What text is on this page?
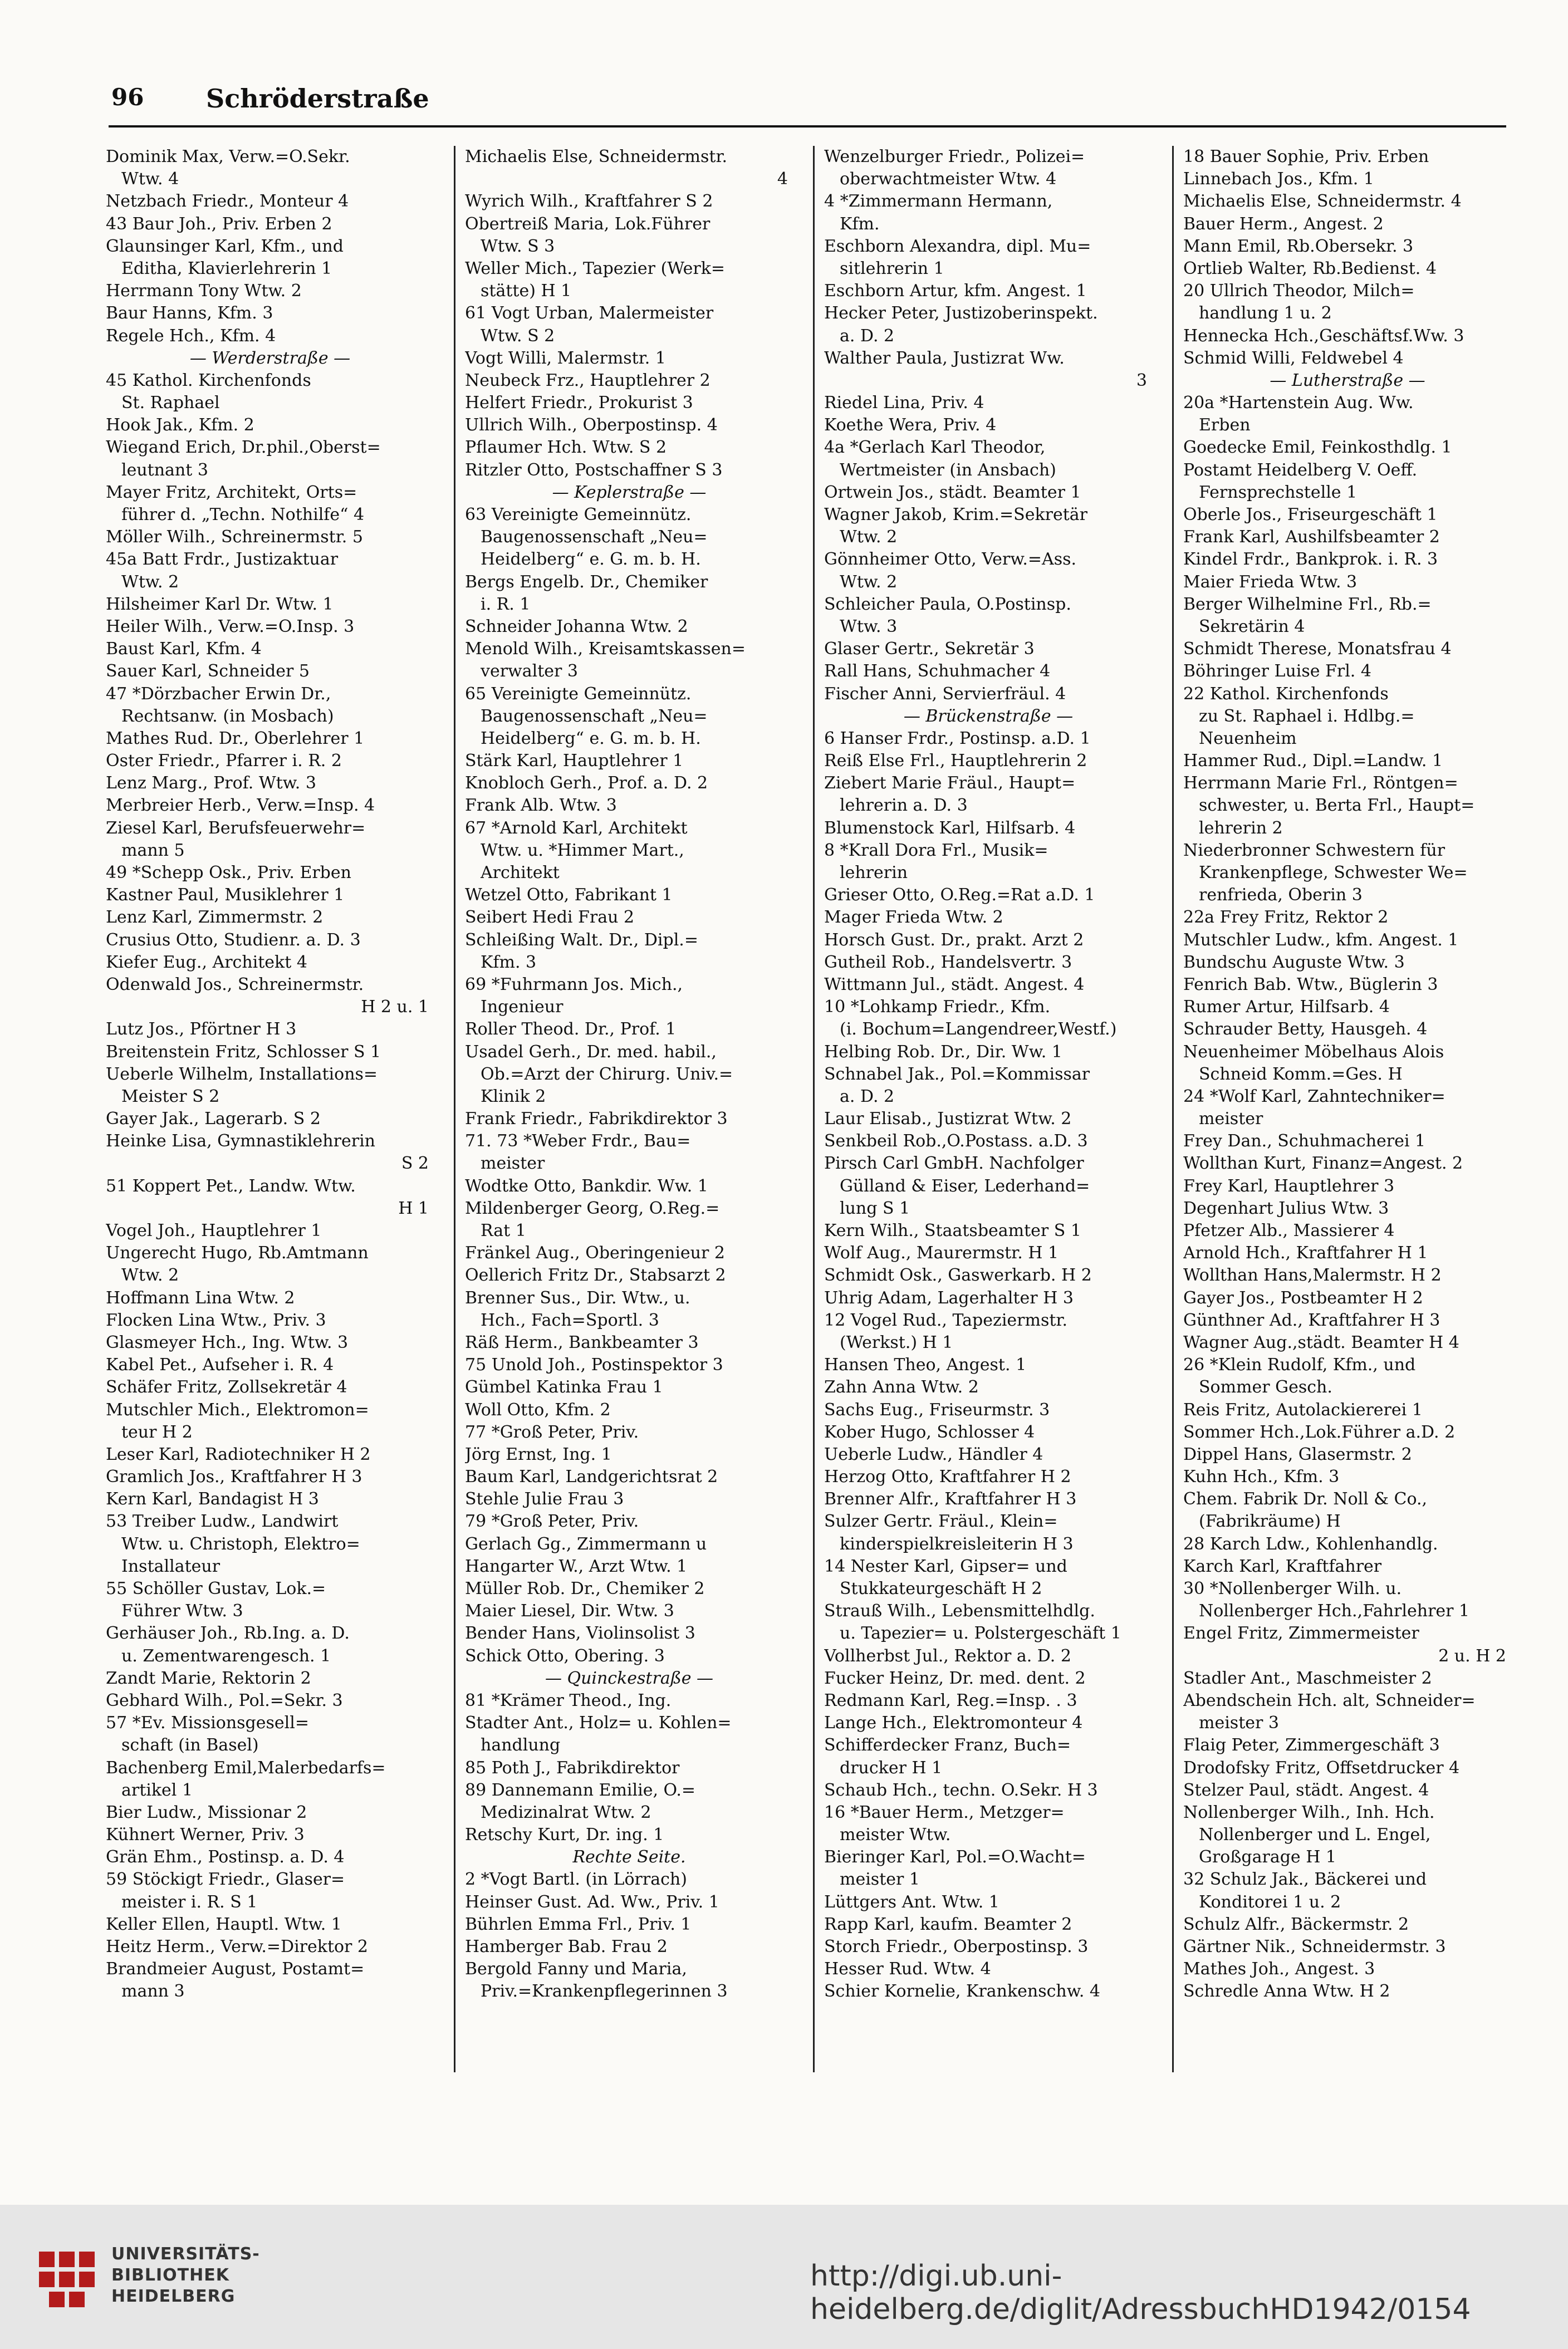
96 Schröderstraße
Dominik Max, Verw.=O.Sekr.
Wtw. 4
Netzbach Friedr., Monteur 4
43 Baur Joh., Priv. Erben 2
Glaunsinger Karl, Kfm., und
Editha, Klavierlehrerin 1
Herrmann Tony Wtw. 2
Baur Hanns, Kfm. 3
Regele Hch., Kfm. 4
— Werderstraße —
45 Kathol. Kirchenfonds
St. Raphael
Hook Jak., Kfm. 2
Wiegand Erich, Dr.phil.,Oberst=
leutnant 3
Mayer Fritz, Architekt, Orts=
führer d. „Techn. Nothilfe“ 4
Möller Wilh., Schreinermstr. 5
45a Batt Frdr., Justizaktuar
Wtw. 2
Hilsheimer Karl Dr. Wtw. 1
Heiler Wilh., Verw.=O.Insp. 3
Baust Karl, Kfm. 4
Sauer Karl, Schneider 5
47 *Dörzbacher Erwin Dr.,
Rechtsanw. (in Mosbach)
Mathes Rud. Dr., Oberlehrer 1
Oster Friedr., Pfarrer i. R. 2
Lenz Marg., Prof. Wtw. 3
Merbreier Herb., Verw.=Insp. 4
Ziesel Karl, Berufsfeuerwehr=
mann 5
49 *Schepp Osk., Priv. Erben
Kastner Paul, Musiklehrer 1
Lenz Karl, Zimmermstr. 2
Crusius Otto, Studienr. a. D. 3
Kiefer Eug., Architekt 4
Odenwald Jos., Schreinermstr.
H 2 u. 1
Lutz Jos., Pförtner H 3
Breitenstein Fritz, Schlosser S 1
Ueberle Wilhelm, Installations=
Meister S 2
Gayer Jak., Lagerarb. S 2
Heinke Lisa, Gymnastiklehrerin
S 2
51 Koppert Pet., Landw. Wtw.
H 1
Vogel Joh., Hauptlehrer 1
Ungerecht Hugo, Rb.Amtmann
Wtw. 2
Hoffmann Lina Wtw. 2
Flocken Lina Wtw., Priv. 3
Glasmeyer Hch., Ing. Wtw. 3
Kabel Pet., Aufseher i. R. 4
Schäfer Fritz, Zollsekretär 4
Mutschler Mich., Elektromon=
teur H 2
Leser Karl, Radiotechniker H 2
Gramlich Jos., Kraftfahrer H 3
Kern Karl, Bandagist H 3
53 Treiber Ludw., Landwirt
Wtw. u. Christoph, Elektro=
Installateur
55 Schöller Gustav, Lok.=
Führer Wtw. 3
Gerhäuser Joh., Rb.Ing. a. D.
u. Zementwarengesch. 1
Zandt Marie, Rektorin 2
Gebhard Wilh., Pol.=Sekr. 3
57 *Ev. Missionsgesell=
schaft (in Basel)
Bachenberg Emil,Malerbedarfs=
artikel 1
Bier Ludw., Missionar 2
Kühnert Werner, Priv. 3
Grän Ehm., Postinsp. a. D. 4
59 Stöckigt Friedr., Glaser=
meister i. R. S 1
Keller Ellen, Hauptl. Wtw. 1
Heitz Herm., Verw.=Direktor 2
Brandmeier August, Postamt=
mann 3
Michaelis Else, Schneidermstr.
4
Wyrich Wilh., Kraftfahrer S 2
Obertreiß Maria, Lok.Führer
Wtw. S 3
Weller Mich., Tapezier (Werk=
stätte) H 1
61 Vogt Urban, Malermeister
Wtw. S 2
Vogt Willi, Malermstr. 1
Neubeck Frz., Hauptlehrer 2
Helfert Friedr., Prokurist 3
Ullrich Wilh., Oberpostinsp. 4
Pflaumer Hch. Wtw. S 2
Ritzler Otto, Postschaffner S 3
— Keplerstraße —
63 Vereinigte Gemeinnütz.
Baugenossenschaft „Neu=
Heidelberg“ e. G. m. b. H.
Bergs Engelb. Dr., Chemiker
i. R. 1
Schneider Johanna Wtw. 2
Menold Wilh., Kreisamtskassen=
verwalter 3
65 Vereinigte Gemeinnütz.
Baugenossenschaft „Neu=
Heidelberg“ e. G. m. b. H.
Stärk Karl, Hauptlehrer 1
Knobloch Gerh., Prof. a. D. 2
Frank Alb. Wtw. 3
67 *Arnold Karl, Architekt
Wtw. u. *Himmer Mart.,
Architekt
Wetzel Otto, Fabrikant 1
Seibert Hedi Frau 2
Schleißing Walt. Dr., Dipl.=
Kfm. 3
69 *Fuhrmann Jos. Mich.,
Ingenieur
Roller Theod. Dr., Prof. 1
Usadel Gerh., Dr. med. habil.,
Ob.=Arzt der Chirurg. Univ.=
Klinik 2
Frank Friedr., Fabrikdirektor 3
71. 73 *Weber Frdr., Bau=
meister
Wodtke Otto, Bankdir. Ww. 1
Mildenberger Georg, O.Reg.=
Rat 1
Fränkel Aug., Oberingenieur 2
Oellerich Fritz Dr., Stabsarzt 2
Brenner Sus., Dir. Wtw., u.
Hch., Fach=Sportl. 3
Räß Herm., Bankbeamter 3
75 Unold Joh., Postinspektor 3
Gümbel Katinka Frau 1
Woll Otto, Kfm. 2
77 *Groß Peter, Priv.
Jörg Ernst, Ing. 1
Baum Karl, Landgerichtsrat 2
Stehle Julie Frau 3
79 *Groß Peter, Priv.
Gerlach Gg., Zimmermann u
Hangarter W., Arzt Wtw. 1
Müller Rob. Dr., Chemiker 2
Maier Liesel, Dir. Wtw. 3
Bender Hans, Violinsolist 3
Schick Otto, Obering. 3
— Quinckestraße —
81 *Krämer Theod., Ing.
Stadter Ant., Holz= u. Kohlen=
handlung
85 Poth J., Fabrikdirektor
89 Dannemann Emilie, O.=
Medizinalrat Wtw. 2
Retschy Kurt, Dr. ing. 1
Rechte Seite.
2 *Vogt Bartl. (in Lörrach)
Heinser Gust. Ad. Ww., Priv. 1
Bührlen Emma Frl., Priv. 1
Hamberger Bab. Frau 2
Bergold Fanny und Maria,
Priv.=Krankenpflegerinnen 3
Wenzelburger Friedr., Polizei=
oberwachtmeister Wtw. 4
4 *Zimmermann Hermann,
Kfm.
Eschborn Alexandra, dipl. Mu=
sitlehrerin 1
Eschborn Artur, kfm. Angest. 1
Hecker Peter, Justizoberinspekt.
a. D. 2
Walther Paula, Justizrat Ww.
3
Riedel Lina, Priv. 4
Koethe Wera, Priv. 4
4a *Gerlach Karl Theodor,
Wertmeister (in Ansbach)
Ortwein Jos., städt. Beamter 1
Wagner Jakob, Krim.=Sekretär
Wtw. 2
Gönnheimer Otto, Verw.=Ass.
Wtw. 2
Schleicher Paula, O.Postinsp.
Wtw. 3
Glaser Gertr., Sekretär 3
Rall Hans, Schuhmacher 4
Fischer Anni, Servierfräul. 4
— Brückenstraße —
6 Hanser Frdr., Postinsp. a.D. 1
Reiß Else Frl., Hauptlehrerin 2
Ziebert Marie Fräul., Haupt=
lehrerin a. D. 3
Blumenstock Karl, Hilfsarb. 4
8 *Krall Dora Frl., Musik=
lehrerin
Grieser Otto, O.Reg.=Rat a.D. 1
Mager Frieda Wtw. 2
Horsch Gust. Dr., prakt. Arzt 2
Gutheil Rob., Handelsvertr. 3
Wittmann Jul., städt. Angest. 4
10 *Lohkamp Friedr., Kfm.
(i. Bochum=Langendreer,Westf.)
Helbing Rob. Dr., Dir. Ww. 1
Schnabel Jak., Pol.=Kommissar
a. D. 2
Laur Elisab., Justizrat Wtw. 2
Senkbeil Rob.,O.Postass. a.D. 3
Pirsch Carl GmbH. Nachfolger
Gülland & Eiser, Lederhand=
lung S 1
Kern Wilh., Staatsbeamter S 1
Wolf Aug., Maurermstr. H 1
Schmidt Osk., Gaswerkarb. H 2
Uhrig Adam, Lagerhalter H 3
12 Vogel Rud., Tapeziermstr.
(Werkst.) H 1
Hansen Theo, Angest. 1
Zahn Anna Wtw. 2
Sachs Eug., Friseurmstr. 3
Kober Hugo, Schlosser 4
Ueberle Ludw., Händler 4
Herzog Otto, Kraftfahrer H 2
Brenner Alfr., Kraftfahrer H 3
Sulzer Gertr. Fräul., Klein=
kinderspielkreisleiterin H 3
14 Nester Karl, Gipser= und
Stukkateurgeschäft H 2
Strauß Wilh., Lebensmittelhdlg.
u. Tapezier= u. Polstergeschäft 1
Vollherbst Jul., Rektor a. D. 2
Fucker Heinz, Dr. med. dent. 2
Redmann Karl, Reg.=Insp. . 3
Lange Hch., Elektromonteur 4
Schifferdecker Franz, Buch=
drucker H 1
Schaub Hch., techn. O.Sekr. H 3
16 *Bauer Herm., Metzger=
meister Wtw.
Bieringer Karl, Pol.=O.Wacht=
meister 1
Lüttgers Ant. Wtw. 1
Rapp Karl, kaufm. Beamter 2
Storch Friedr., Oberpostinsp. 3
Hesser Rud. Wtw. 4
Schier Kornelie, Krankenschw. 4
18 Bauer Sophie, Priv. Erben
Linnebach Jos., Kfm. 1
Michaelis Else, Schneidermstr. 4
Bauer Herm., Angest. 2
Mann Emil, Rb.Obersekr. 3
Ortlieb Walter, Rb.Bedienst. 4
20 Ullrich Theodor, Milch=
handlung 1 u. 2
Hennecka Hch.,Geschäftsf.Ww. 3
Schmid Willi, Feldwebel 4
— Lutherstraße —
20a *Hartenstein Aug. Ww.
Erben
Goedecke Emil, Feinkosthdlg. 1
Postamt Heidelberg V. Oeff.
Fernsprechstelle 1
Oberle Jos., Friseurgeschäft 1
Frank Karl, Aushilfsbeamter 2
Kindel Frdr., Bankprok. i. R. 3
Maier Frieda Wtw. 3
Berger Wilhelmine Frl., Rb.=
Sekretärin 4
Schmidt Therese, Monatsfrau 4
Böhringer Luise Frl. 4
22 Kathol. Kirchenfonds
zu St. Raphael i. Hdlbg.=
Neuenheim
Hammer Rud., Dipl.=Landw. 1
Herrmann Marie Frl., Röntgen=
schwester, u. Berta Frl., Haupt=
lehrerin 2
Niederbronner Schwestern für
Krankenpflege, Schwester We=
renfrieda, Oberin 3
22a Frey Fritz, Rektor 2
Mutschler Ludw., kfm. Angest. 1
Bundschu Auguste Wtw. 3
Fenrich Bab. Wtw., Büglerin 3
Rumer Artur, Hilfsarb. 4
Schrauder Betty, Hausgeh. 4
Neuenheimer Möbelhaus Alois
Schneid Komm.=Ges. H
24 *Wolf Karl, Zahntechniker=
meister
Frey Dan., Schuhmacherei 1
Wollthan Kurt, Finanz=Angest. 2
Frey Karl, Hauptlehrer 3
Degenhart Julius Wtw. 3
Pfetzer Alb., Massierer 4
Arnold Hch., Kraftfahrer H 1
Wollthan Hans,Malermstr. H 2
Gayer Jos., Postbeamter H 2
Günthner Ad., Kraftfahrer H 3
Wagner Aug.,städt. Beamter H 4
26 *Klein Rudolf, Kfm., und
Sommer Gesch.
Reis Fritz, Autolackiererei 1
Sommer Hch.,Lok.Führer a.D. 2
Dippel Hans, Glasermstr. 2
Kuhn Hch., Kfm. 3
Chem. Fabrik Dr. Noll & Co.,
(Fabrikräume) H
28 Karch Ldw., Kohlenhandlg.
Karch Karl, Kraftfahrer
30 *Nollenberger Wilh. u.
Nollenberger Hch.,Fahrlehrer 1
Engel Fritz, Zimmermeister
2 u. H 2
Stadler Ant., Maschmeister 2
Abendschein Hch. alt, Schneider=
meister 3
Flaig Peter, Zimmergeschäft 3
Drodofsky Fritz, Offsetdrucker 4
Stelzer Paul, städt. Angest. 4
Nollenberger Wilh., Inh. Hch.
Nollenberger und L. Engel,
Großgarage H 1
32 Schulz Jak., Bäckerei und
Konditorei 1 u. 2
Schulz Alfr., Bäckermstr. 2
Gärtner Nik., Schneidermstr. 3
Mathes Joh., Angest. 3
Schredle Anna Wtw. H 2
UNIVERSITÄTS-
BIBLIOTHEK
HEIDELBERG
http://digi.ub.uni-heidelberg.de/diglit/AdressbuchHD1942/0154
